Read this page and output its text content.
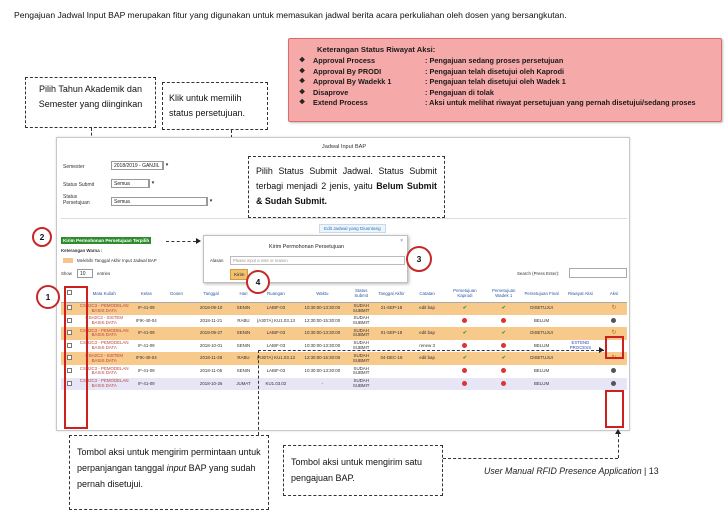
Pengajuan Jadwal Input BAP merupakan fitur yang digunakan untuk memasukan jadwal berita acara perkuliahan oleh dosen yang bersangkutan.
Keterangan Status Riwayat Aksi:
❖	Approval Process	: Pengajuan sedang proses persetujuan
❖	Approval By PRODI	: Pengajuan telah disetujui oleh Kaprodi
❖	Approval By Wadekk 1	: Pengajuan telah disetujui oleh Wadek 1
❖	Disaprove	: Pengajuan di tolak
❖	Extend Process	: Aksi untuk melihat riwayat persetujuan yang pernah disetujui/sedang proses
Pilih Tahun Akademik dan Semester yang diinginkan
Klik untuk memilih status persetujuan.
Jadwal Input BAP
Semester	2018/2019 - GANJIL	▾
Status Submit	Semua	▾
Status Persetujuan	Semua	▾
Edit Jadwal yang Diusntang
Kirim Permohonan Persetujuan Terpilih
Keterangan Warna :
Melebihi Tanggal Akhir Input Jadwal BAP
Show	10	entries	Search (Press Enter):
Kirim Permohonan Persetujuan
×
Alasan	Please input a note or reason
Kirim
	Mata Kuliah	Kelas	Dosen	Tanggal	Hari	Ruangan	Waktu	Status Submit	Tanggal Akhir	Catatan	Persetujuan Kaprodi	Persetujuan Wadek 1	Persetujuan Final	Riwayat Aksi	Aksi
	CSH2C3 - PEMODELAN BASIS DATA	IF-41-09		2018-09-10	SENIN	LABIF-03	10:30:00-13:30:00	SUDAH SUBMIT	21-SEP-18	edit bap	✔	✔	DISETUJUI		↻
	CSH2C3 - SISTEM BASIS DATA	IFIK-40-04		2018-11-21	RABU	(A307A) KU1.03.13	12:30:00-15:30:00	SUDAH SUBMIT					BELUM		
	CSH2C3 - PEMODELAN BASIS DATA	IF-41-09		2018-09-27	SENIN	LABIF-03	10:30:00-13:30:00	SUDAH SUBMIT	01-SEP-18	edit bap	✔	✔	DISETUJUI		↻
	CSH2C3 - PEMODELAN BASIS DATA	IF-41-09		2018-10-01	SENIN	LABIF-03	10:30:00-13:30:00	SUDAH SUBMIT		renew 3			BELUM	EXTEND PROCESS	
	CSH2C3 - SISTEM BASIS DATA	IFIK-40-04		2018-11-28	RABU	(A307A) KU1.03.13	12:30:00-15:30:00	SUDAH SUBMIT	04-DEC-18	edit bap	✔	✔	DISETUJUI		↻
	CSH2C3 - PEMODELAN BASIS DATA	IF-41-09		2018-11-05	SENIN	LABIF-03	10:30:00-13:30:00	SUDAH SUBMIT					BELUM		
	CSH2C3 - PEMODELAN BASIS DATA	IF-41-09		2018-10-26	JUMAT	KU1.03.02	-	SUDAH SUBMIT					BELUM		
2
3
4
1
Pilih Status Submit Jadwal. Status Submit terbagi menjadi 2 jenis, yaitu Belum Submit & Sudah Submit.
Tombol aksi untuk mengirim permintaan untuk perpanjangan tanggal input BAP yang sudah pernah disetujui.
Tombol aksi untuk mengirim satu pengajuan BAP.
User Manual RFID Presence Application | 13
